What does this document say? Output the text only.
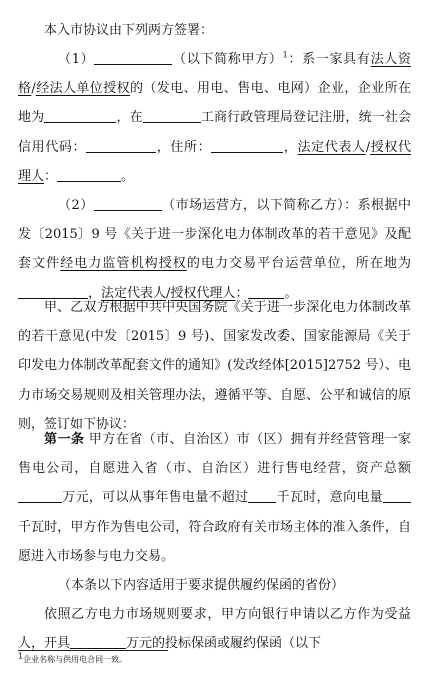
本入市协议由下列两方签署：
（1）	（以下简称甲方）$^1$：系一家具有法人资格/经法人单位授权的（发电、用电、售电、电网）企业，企业所在地为	，在	工商行政管理局登记注册，统一社会信用代码：	，住所：	，法定代表人/授权代理人：	。
（2）	（市场运营方，以下简称乙方）：系根据中发〔2015〕9 号《关于进一步深化电力体制改革的若干意见》及配套文件经电力监管机构授权的电力交易平台运营单位，所在地为，法定代表人/授权代理人：	。
甲、乙双方根据中共中央国务院《关于进一步深化电力体制改革的若干意见(中发〔2015〕9 号)、国家发改委、国家能源局《关于印发电力体制改革配套文件的通知》(发改经体[2015]2752 号）、电力市场交易规则及相关管理办法，遵循平等、自愿、公平和诚信的原则，签订如下协议：
第一条 甲方在省（市、自治区）市（区）拥有并经营管理一家售电公司，自愿进入省（市、自治区）进行售电经营，资产总额万元，可以从事年售电量不超过 千瓦时，意向电量千瓦时，甲方作为售电公司，符合政府有关市场主体的准入条件，自愿进入市场参与电力交易。
（本条以下内容适用于要求提供履约保函的省份）
依照乙方电力市场规则要求，甲方向银行申请以乙方作为受益人，开具	万元的投标保函或履约保函（以下
1企业名称与供用电合同一致。
